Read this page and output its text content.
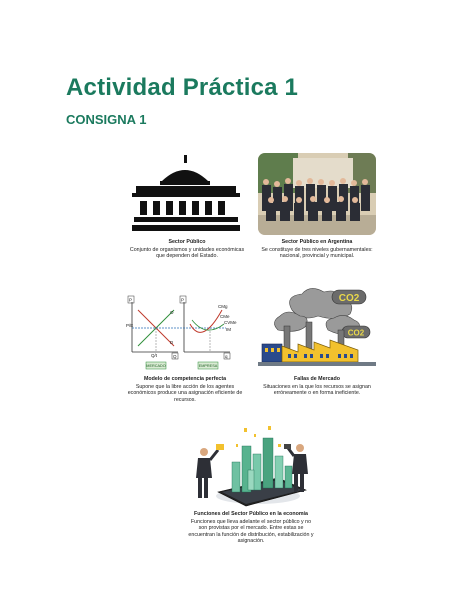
Actividad Práctica 1
CONSIGNA 1
Sector Público
Conjunto de organismos y unidades económicas que dependen del Estado.
Sector Público en Argentina
Se constituye de tres niveles gubernamentales: nacional, provincial y municipal.
P	P
Q	q
O
D
P/E
Q/t
CMg
CMe
CVMe
IM
MERCADO	EMPRESA
Modelo de competencia perfecta
Supone que la libre acción de los agentes económicos produce una asignación eficiente de recursos.
CO2
CO2
Fallas de Mercado
Situaciones en la que los recursos se asignan erróneamente o en forma ineficiente.
Funciones del Sector Público en la economía
Funciones que lleva adelante el sector público y no son provistas por el mercado. Entre estas se encuentran la función de distribución, estabilización y asignación.
